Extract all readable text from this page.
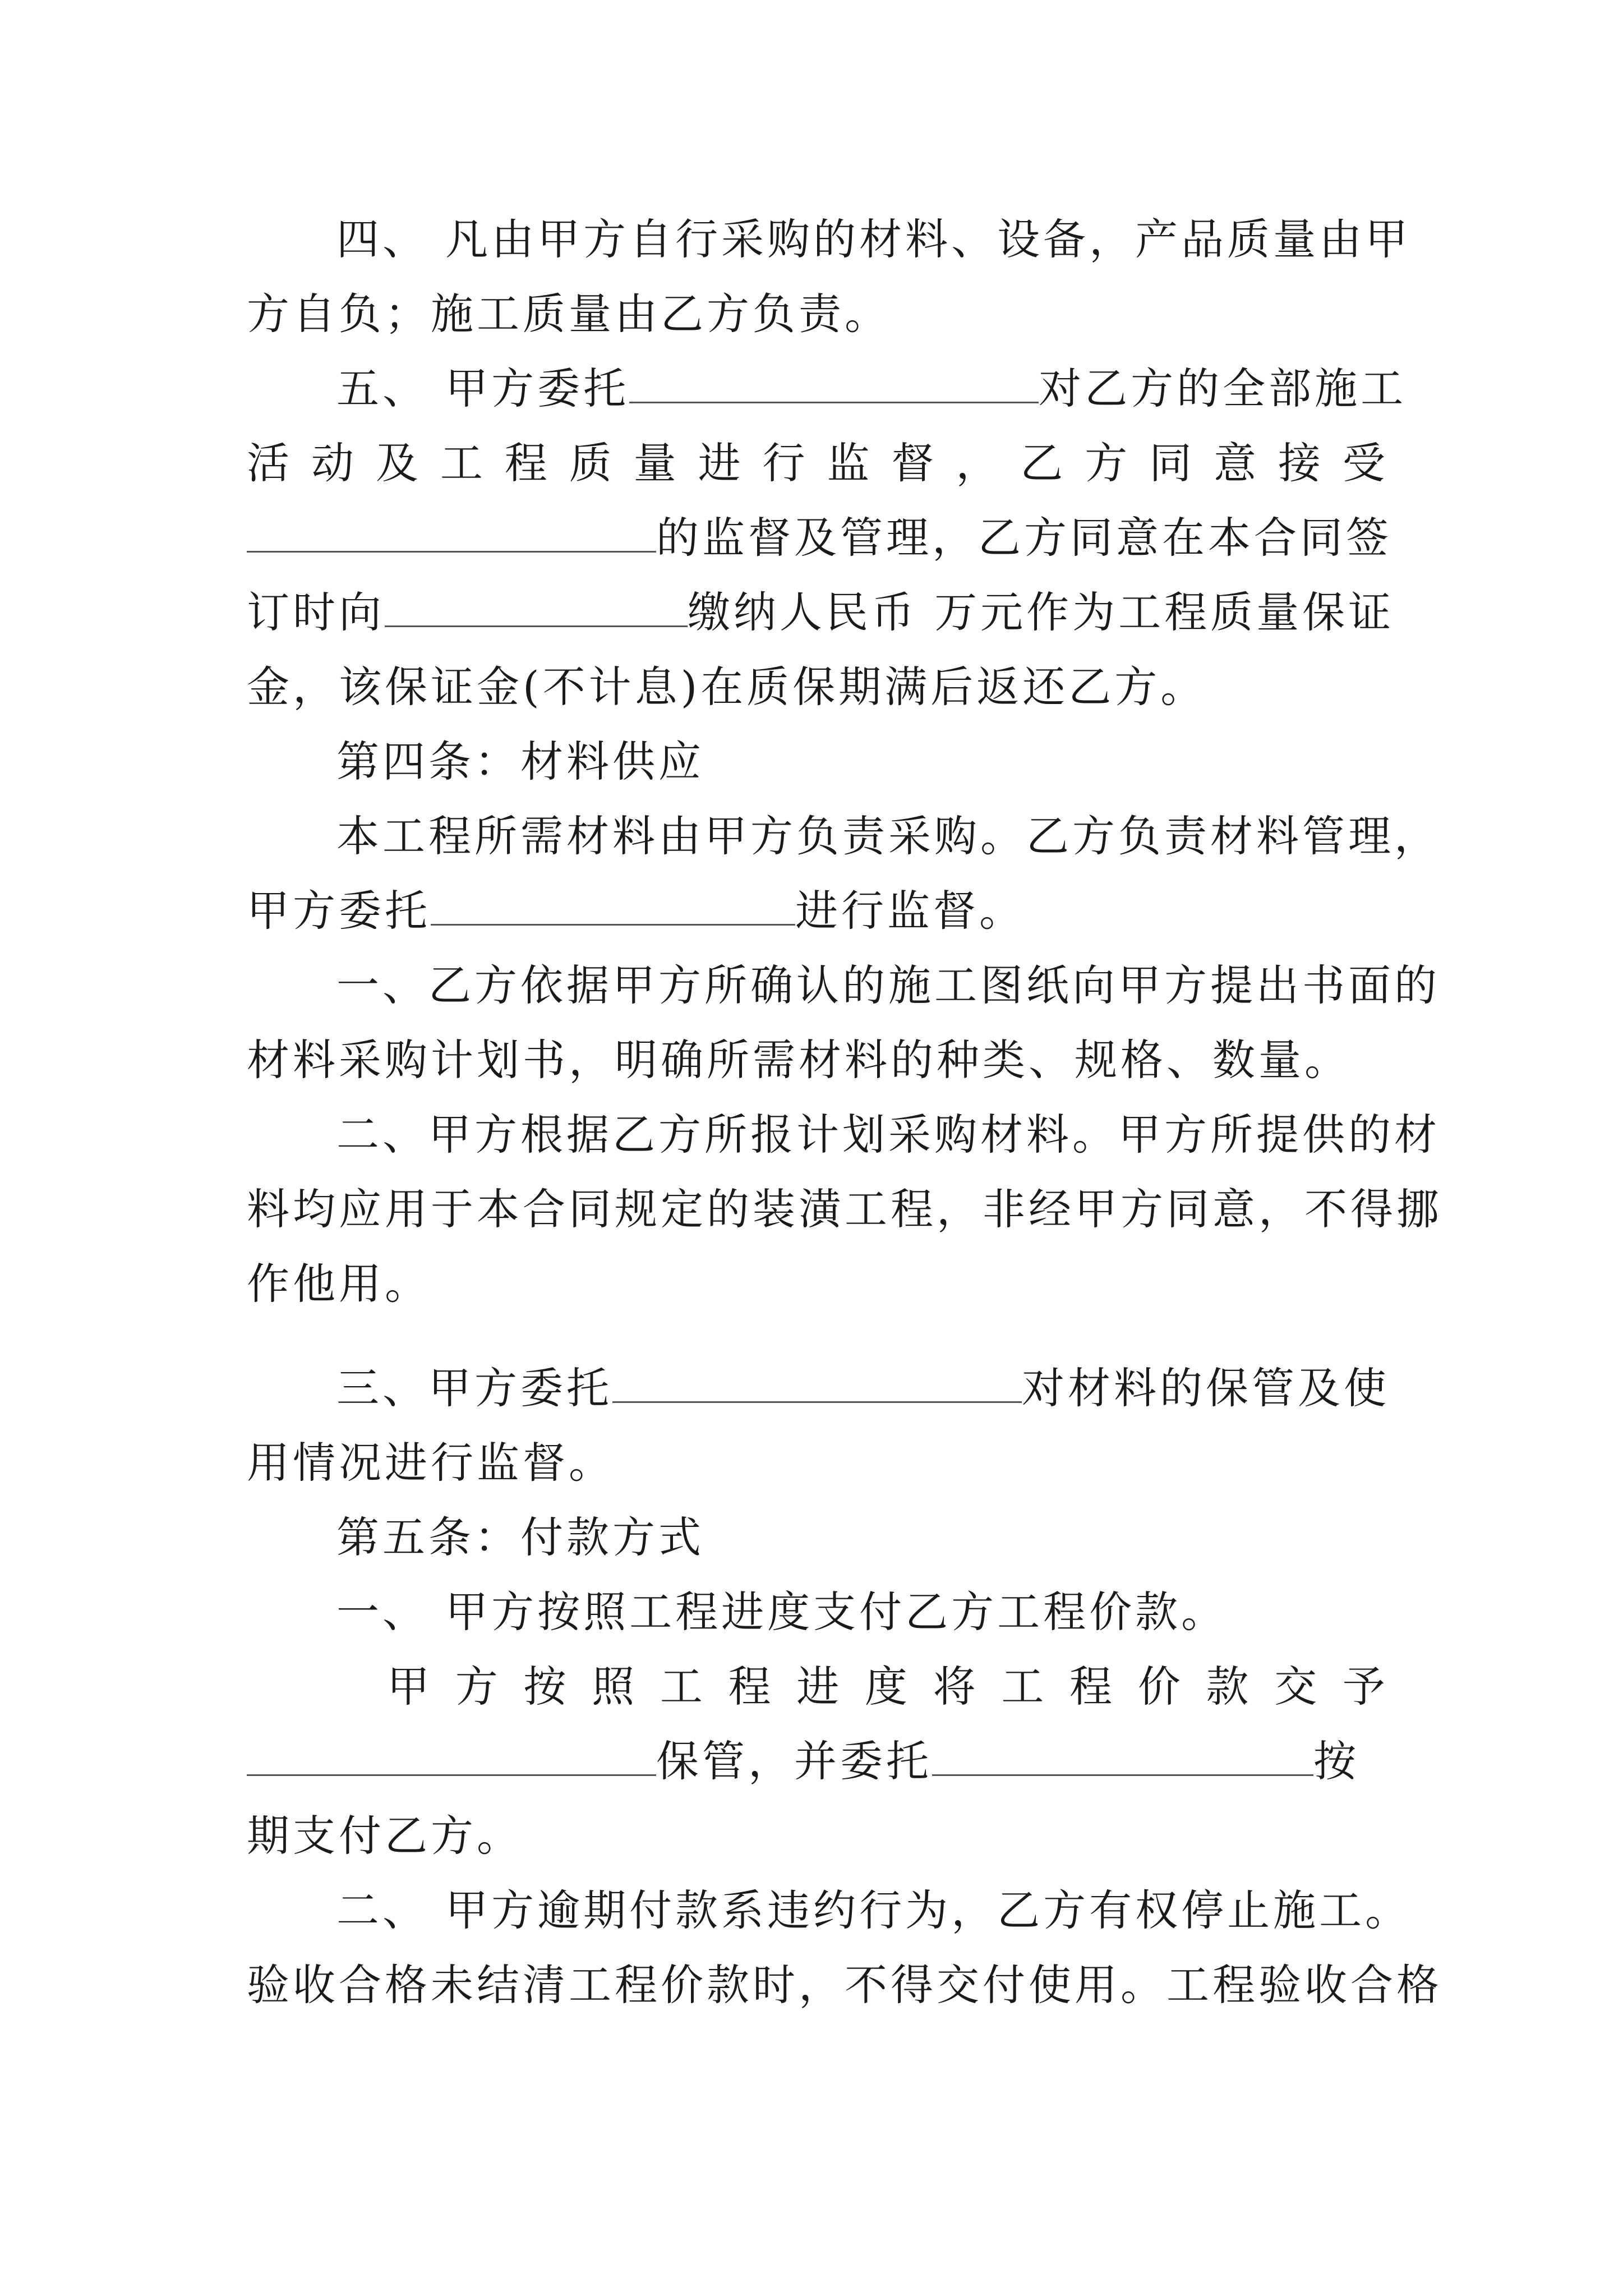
四、 凡由甲方自行采购的材料、设备，产品质量由甲
方自负；施工质量由乙方负责。
五、 甲方委托	对乙方的全部施工
活 动 及 工 程 质 量 进 行 监 督 ， 乙 方 同 意 接 受
的监督及管理，乙方同意在本合同签
订时向	缴纳人民币 万元作为工程质量保证
金，该保证金(不计息)在质保期满后返还乙方。
第四条：材料供应
本工程所需材料由甲方负责采购。乙方负责材料管理，
甲方委托	进行监督。
一、乙方依据甲方所确认的施工图纸向甲方提出书面的
材料采购计划书，明确所需材料的种类、规格、数量。
二、甲方根据乙方所报计划采购材料。甲方所提供的材
料均应用于本合同规定的装潢工程，非经甲方同意，不得挪
作他用。
三、甲方委托	对材料的保管及使
用情况进行监督。
第五条：付款方式
一、 甲方按照工程进度支付乙方工程价款。
甲 方 按 照 工 程 进 度 将 工 程 价 款 交 予
保管，并委托	按
期支付乙方。
二、 甲方逾期付款系违约行为，乙方有权停止施工。
验收合格未结清工程价款时，不得交付使用。工程验收合格
